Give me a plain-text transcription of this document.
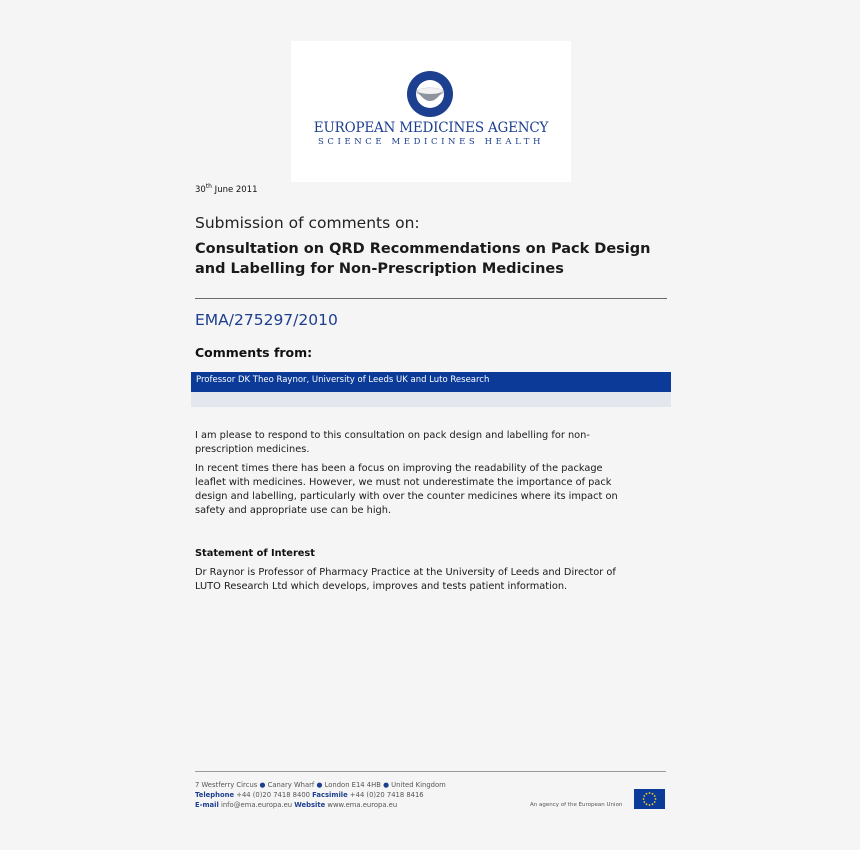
EUROPEAN MEDICINES AGENCY
SCIENCE MEDICINES HEALTH
30th June 2011
Submission of comments on:
Consultation on QRD Recommendations on Pack Design and Labelling for Non-Prescription Medicines
EMA/275297/2010
Comments from:
Professor DK Theo Raynor, University of Leeds UK and Luto Research

I am please to respond to this consultation on pack design and labelling for non-prescription medicines.

In recent times there has been a focus on improving the readability of the package leaflet with medicines. However, we must not underestimate the importance of pack design and labelling, particularly with over the counter medicines where its impact on safety and appropriate use can be high.

Statement of Interest

Dr Raynor is Professor of Pharmacy Practice at the University of Leeds and Director of LUTO Research Ltd which develops, improves and tests patient information.

7 Westferry Circus ● Canary Wharf ● London E14 4HB ● United Kingdom
Telephone +44 (0)20 7418 8400 Facsimile +44 (0)20 7418 8416
E-mail info@ema.europa.eu Website www.ema.europa.eu	An agency of the European Union
